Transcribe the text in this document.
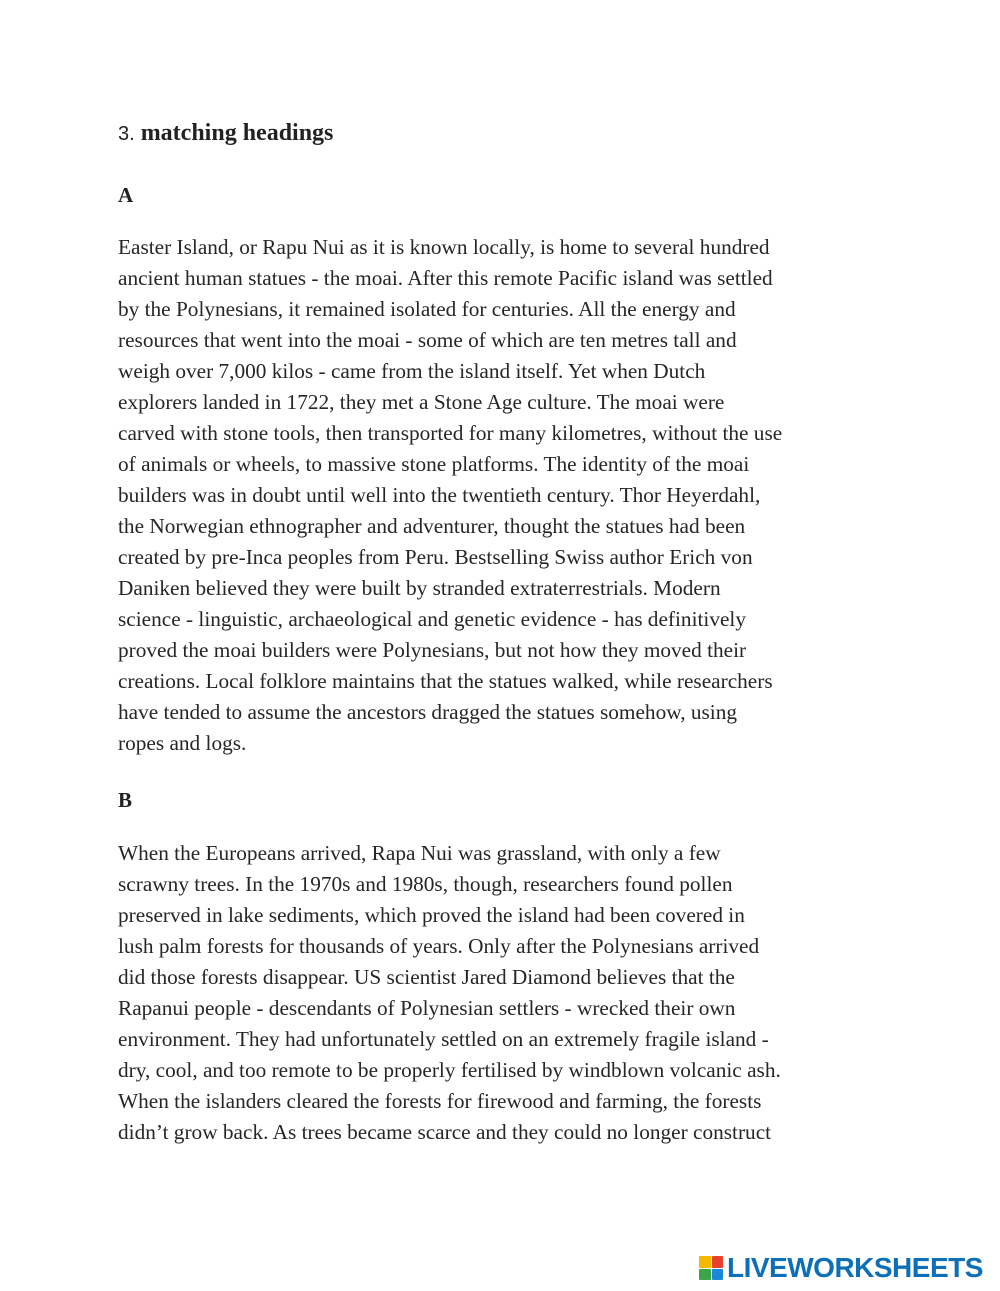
3. matching headings
A
Easter Island, or Rapu Nui as it is known locally, is home to several hundred
ancient human statues - the moai. After this remote Pacific island was settled
by the Polynesians, it remained isolated for centuries. All the energy and
resources that went into the moai - some of which are ten metres tall and
weigh over 7,000 kilos - came from the island itself. Yet when Dutch
explorers landed in 1722, they met a Stone Age culture. The moai were
carved with stone tools, then transported for many kilometres, without the use
of animals or wheels, to massive stone platforms. The identity of the moai
builders was in doubt until well into the twentieth century. Thor Heyerdahl,
the Norwegian ethnographer and adventurer, thought the statues had been
created by pre-Inca peoples from Peru. Bestselling Swiss author Erich von
Daniken believed they were built by stranded extraterrestrials. Modern
science - linguistic, archaeological and genetic evidence - has definitively
proved the moai builders were Polynesians, but not how they moved their
creations. Local folklore maintains that the statues walked, while researchers
have tended to assume the ancestors dragged the statues somehow, using
ropes and logs.
B
When the Europeans arrived, Rapa Nui was grassland, with only a few
scrawny trees. In the 1970s and 1980s, though, researchers found pollen
preserved in lake sediments, which proved the island had been covered in
lush palm forests for thousands of years. Only after the Polynesians arrived
did those forests disappear. US scientist Jared Diamond believes that the
Rapanui people - descendants of Polynesian settlers - wrecked their own
environment. They had unfortunately settled on an extremely fragile island -
dry, cool, and too remote to be properly fertilised by windblown volcanic ash.
When the islanders cleared the forests for firewood and farming, the forests
didn’t grow back. As trees became scarce and they could no longer construct
LIVEWORKSHEETS
